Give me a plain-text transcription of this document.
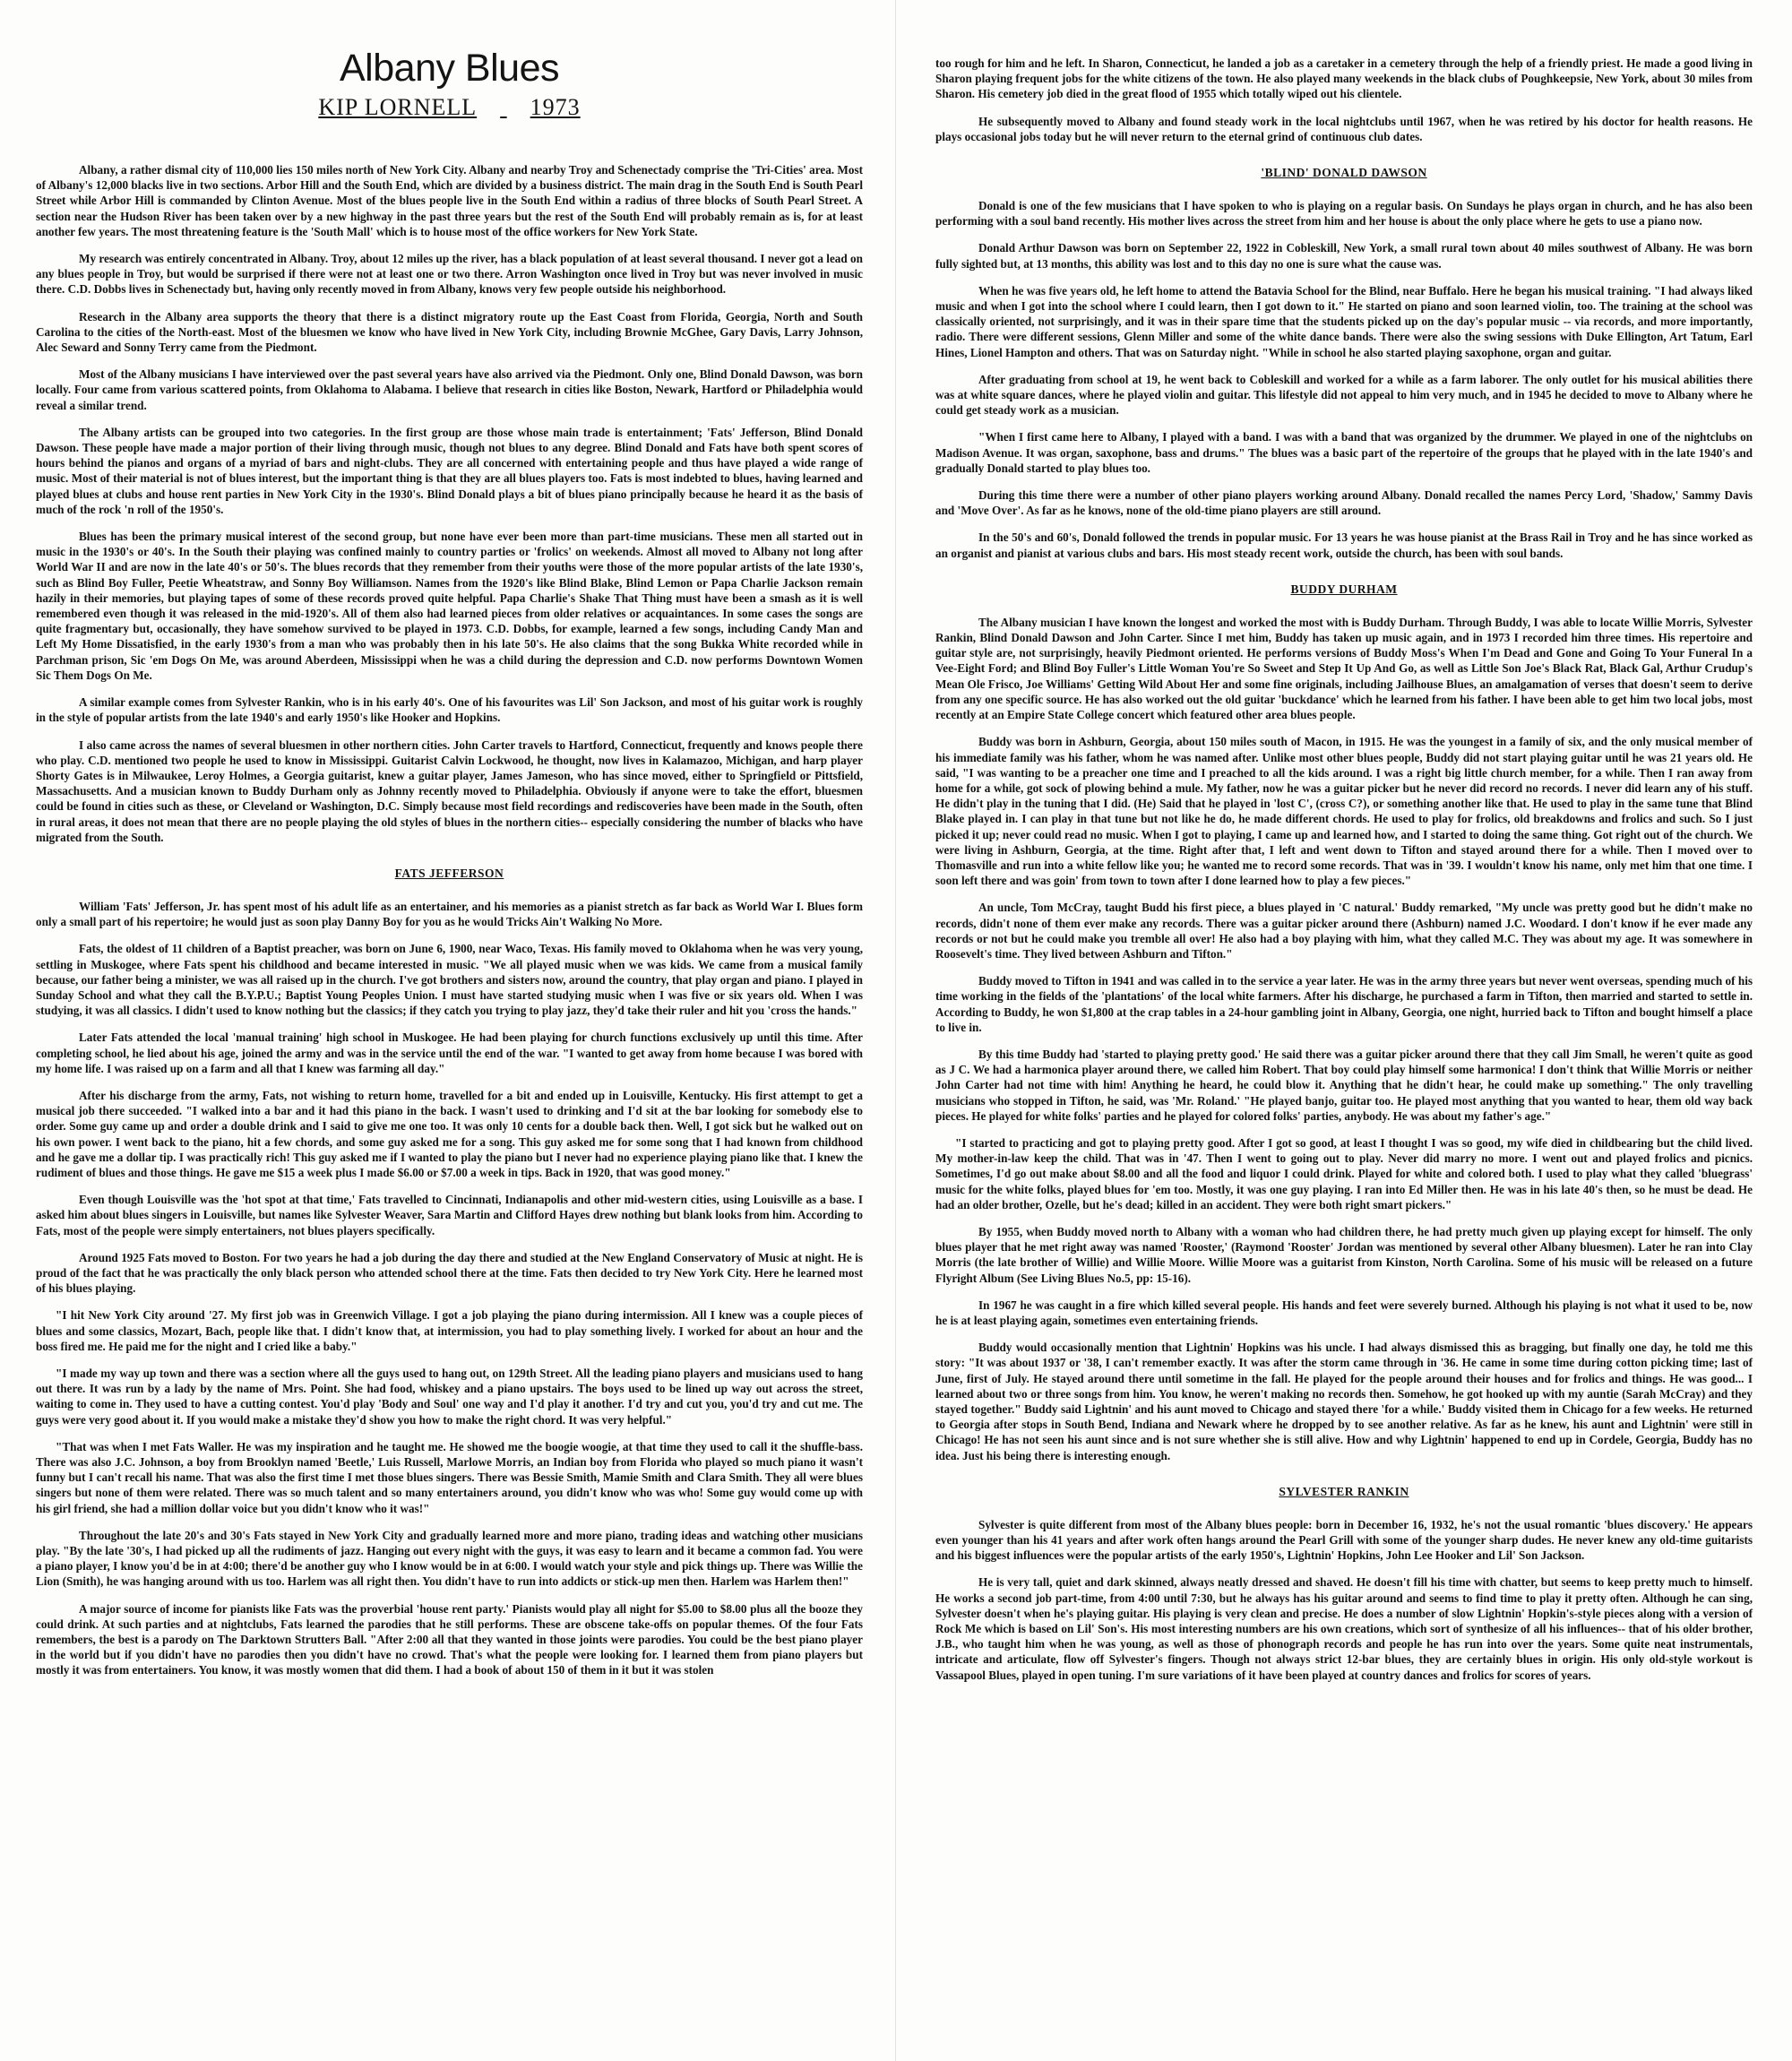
Albany Blues
KIP LORNELL 1973

Albany, a rather dismal city of 110,000 lies 150 miles north of New York City. Albany and nearby Troy and Schenectady comprise the 'Tri-Cities' area. Most of Albany's 12,000 blacks live in two sections. Arbor Hill and the South End, which are divided by a business district. The main drag in the South End is South Pearl Street while Arbor Hill is commanded by Clinton Avenue. Most of the blues people live in the South End within a radius of three blocks of South Pearl Street. A section near the Hudson River has been taken over by a new highway in the past three years but the rest of the South End will probably remain as is, for at least another few years. The most threatening feature is the 'South Mall' which is to house most of the office workers for New York State.

My research was entirely concentrated in Albany. Troy, about 12 miles up the river, has a black population of at least several thousand. I never got a lead on any blues people in Troy, but would be surprised if there were not at least one or two there. Arron Washington once lived in Troy but was never involved in music there. C.D. Dobbs lives in Schenectady but, having only recently moved in from Albany, knows very few people outside his neighborhood.

Research in the Albany area supports the theory that there is a distinct migratory route up the East Coast from Florida, Georgia, North and South Carolina to the cities of the North-east. Most of the bluesmen we know who have lived in New York City, including Brownie McGhee, Gary Davis, Larry Johnson, Alec Seward and Sonny Terry came from the Piedmont.

Most of the Albany musicians I have interviewed over the past several years have also arrived via the Piedmont. Only one, Blind Donald Dawson, was born locally. Four came from various scattered points, from Oklahoma to Alabama. I believe that research in cities like Boston, Newark, Hartford or Philadelphia would reveal a similar trend.

The Albany artists can be grouped into two categories. In the first group are those whose main trade is entertainment; 'Fats' Jefferson, Blind Donald Dawson. These people have made a major portion of their living through music, though not blues to any degree. Blind Donald and Fats have both spent scores of hours behind the pianos and organs of a myriad of bars and night-clubs. They are all concerned with entertaining people and thus have played a wide range of music. Most of their material is not of blues interest, but the important thing is that they are all blues players too. Fats is most indebted to blues, having learned and played blues at clubs and house rent parties in New York City in the 1930's. Blind Donald plays a bit of blues piano principally because he heard it as the basis of much of the rock 'n roll of the 1950's.

Blues has been the primary musical interest of the second group, but none have ever been more than part-time musicians. These men all started out in music in the 1930's or 40's. In the South their playing was confined mainly to country parties or 'frolics' on weekends. Almost all moved to Albany not long after World War II and are now in the late 40's or 50's. The blues records that they remember from their youths were those of the more popular artists of the late 1930's, such as Blind Boy Fuller, Peetie Wheatstraw, and Sonny Boy Williamson. Names from the 1920's like Blind Blake, Blind Lemon or Papa Charlie Jackson remain hazily in their memories, but playing tapes of some of these records proved quite helpful. Papa Charlie's Shake That Thing must have been a smash as it is well remembered even though it was released in the mid-1920's. All of them also had learned pieces from older relatives or acquaintances. In some cases the songs are quite fragmentary but, occasionally, they have somehow survived to be played in 1973. C.D. Dobbs, for example, learned a few songs, including Candy Man and Left My Home Dissatisfied, in the early 1930's from a man who was probably then in his late 50's. He also claims that the song Bukka White recorded while in Parchman prison, Sic 'em Dogs On Me, was around Aberdeen, Mississippi when he was a child during the depression and C.D. now performs Downtown Women Sic Them Dogs On Me.

A similar example comes from Sylvester Rankin, who is in his early 40's. One of his favourites was Lil' Son Jackson, and most of his guitar work is roughly in the style of popular artists from the late 1940's and early 1950's like Hooker and Hopkins.

I also came across the names of several bluesmen in other northern cities. John Carter travels to Hartford, Connecticut, frequently and knows people there who play. C.D. mentioned two people he used to know in Mississippi. Guitarist Calvin Lockwood, he thought, now lives in Kalamazoo, Michigan, and harp player Shorty Gates is in Milwaukee, Leroy Holmes, a Georgia guitarist, knew a guitar player, James Jameson, who has since moved, either to Springfield or Pittsfield, Massachusetts. And a musician known to Buddy Durham only as Johnny recently moved to Philadelphia. Obviously if anyone were to take the effort, bluesmen could be found in cities such as these, or Cleveland or Washington, D.C. Simply because most field recordings and rediscoveries have been made in the South, often in rural areas, it does not mean that there are no people playing the old styles of blues in the northern cities-- especially considering the number of blacks who have migrated from the South.

FATS JEFFERSON

William 'Fats' Jefferson, Jr. has spent most of his adult life as an entertainer, and his memories as a pianist stretch as far back as World War I. Blues form only a small part of his repertoire; he would just as soon play Danny Boy for you as he would Tricks Ain't Walking No More.

Fats, the oldest of 11 children of a Baptist preacher, was born on June 6, 1900, near Waco, Texas. His family moved to Oklahoma when he was very young, settling in Muskogee, where Fats spent his childhood and became interested in music. "We all played music when we was kids. We came from a musical family because, our father being a minister, we was all raised up in the church. I've got brothers and sisters now, around the country, that play organ and piano. I played in Sunday School and what they call the B.Y.P.U.; Baptist Young Peoples Union. I must have started studying music when I was five or six years old. When I was studying, it was all classics. I didn't used to know nothing but the classics; if they catch you trying to play jazz, they'd take their ruler and hit you 'cross the hands."

Later Fats attended the local 'manual training' high school in Muskogee. He had been playing for church functions exclusively up until this time. After completing school, he lied about his age, joined the army and was in the service until the end of the war. "I wanted to get away from home because I was bored with my home life. I was raised up on a farm and all that I knew was farming all day."

After his discharge from the army, Fats, not wishing to return home, travelled for a bit and ended up in Louisville, Kentucky. His first attempt to get a musical job there succeeded. "I walked into a bar and it had this piano in the back. I wasn't used to drinking and I'd sit at the bar looking for somebody else to order. Some guy came up and order a double drink and I said to give me one too. It was only 10 cents for a double back then. Well, I got sick but he walked out on his own power. I went back to the piano, hit a few chords, and some guy asked me for a song. This guy asked me for some song that I had known from childhood and he gave me a dollar tip. I was practically rich! This guy asked me if I wanted to play the piano but I never had no experience playing piano like that. I knew the rudiment of blues and those things. He gave me $15 a week plus I made $6.00 or $7.00 a week in tips. Back in 1920, that was good money."

Even though Louisville was the 'hot spot at that time,' Fats travelled to Cincinnati, Indianapolis and other mid-western cities, using Louisville as a base. I asked him about blues singers in Louisville, but names like Sylvester Weaver, Sara Martin and Clifford Hayes drew nothing but blank looks from him. According to Fats, most of the people were simply entertainers, not blues players specifically.

Around 1925 Fats moved to Boston. For two years he had a job during the day there and studied at the New England Conservatory of Music at night. He is proud of the fact that he was practically the only black person who attended school there at the time. Fats then decided to try New York City. Here he learned most of his blues playing.

"I hit New York City around '27. My first job was in Greenwich Village. I got a job playing the piano during intermission. All I knew was a couple pieces of blues and some classics, Mozart, Bach, people like that. I didn't know that, at intermission, you had to play something lively. I worked for about an hour and the boss fired me. He paid me for the night and I cried like a baby."

"I made my way up town and there was a section where all the guys used to hang out, on 129th Street. All the leading piano players and musicians used to hang out there. It was run by a lady by the name of Mrs. Point. She had food, whiskey and a piano upstairs. The boys used to be lined up way out across the street, waiting to come in. They used to have a cutting contest. You'd play 'Body and Soul' one way and I'd play it another. I'd try and cut you, you'd try and cut me. The guys were very good about it. If you would make a mistake they'd show you how to make the right chord. It was very helpful."

"That was when I met Fats Waller. He was my inspiration and he taught me. He showed me the boogie woogie, at that time they used to call it the shuffle-bass. There was also J.C. Johnson, a boy from Brooklyn named 'Beetle,' Luis Russell, Marlowe Morris, an Indian boy from Florida who played so much piano it wasn't funny but I can't recall his name. That was also the first time I met those blues singers. There was Bessie Smith, Mamie Smith and Clara Smith. They all were blues singers but none of them were related. There was so much talent and so many entertainers around, you didn't know who was who! Some guy would come up with his girl friend, she had a million dollar voice but you didn't know who it was!"

Throughout the late 20's and 30's Fats stayed in New York City and gradually learned more and more piano, trading ideas and watching other musicians play. "By the late '30's, I had picked up all the rudiments of jazz. Hanging out every night with the guys, it was easy to learn and it became a common fad. You were a piano player, I know you'd be in at 4:00; there'd be another guy who I know would be in at 6:00. I would watch your style and pick things up. There was Willie the Lion (Smith), he was hanging around with us too. Harlem was all right then. You didn't have to run into addicts or stick-up men then. Harlem was Harlem then!"

A major source of income for pianists like Fats was the proverbial 'house rent party.' Pianists would play all night for $5.00 to $8.00 plus all the booze they could drink. At such parties and at nightclubs, Fats learned the parodies that he still performs. These are obscene take-offs on popular themes. Of the four Fats remembers, the best is a parody on The Darktown Strutters Ball. "After 2:00 all that they wanted in those joints were parodies. You could be the best piano player in the world but if you didn't have no parodies then you didn't have no crowd. That's what the people were looking for. I learned them from piano players but mostly it was from entertainers. You know, it was mostly women that did them. I had a book of about 150 of them in it but it was stolen

too rough for him and he left. In Sharon, Connecticut, he landed a job as a caretaker in a cemetery through the help of a friendly priest. He made a good living in Sharon playing frequent jobs for the white citizens of the town. He also played many weekends in the black clubs of Poughkeepsie, New York, about 30 miles from Sharon. His cemetery job died in the great flood of 1955 which totally wiped out his clientele.

He subsequently moved to Albany and found steady work in the local nightclubs until 1967, when he was retired by his doctor for health reasons. He plays occasional jobs today but he will never return to the eternal grind of continuous club dates.

'BLIND' DONALD DAWSON

Donald is one of the few musicians that I have spoken to who is playing on a regular basis. On Sundays he plays organ in church, and he has also been performing with a soul band recently. His mother lives across the street from him and her house is about the only place where he gets to use a piano now.

Donald Arthur Dawson was born on September 22, 1922 in Cobleskill, New York, a small rural town about 40 miles southwest of Albany. He was born fully sighted but, at 13 months, this ability was lost and to this day no one is sure what the cause was.

When he was five years old, he left home to attend the Batavia School for the Blind, near Buffalo. Here he began his musical training. "I had always liked music and when I got into the school where I could learn, then I got down to it." He started on piano and soon learned violin, too. The training at the school was classically oriented, not surprisingly, and it was in their spare time that the students picked up on the day's popular music -- via records, and more importantly, radio. There were different sessions, Glenn Miller and some of the white dance bands. There were also the swing sessions with Duke Ellington, Art Tatum, Earl Hines, Lionel Hampton and others. That was on Saturday night. "While in school he also started playing saxophone, organ and guitar.

After graduating from school at 19, he went back to Cobleskill and worked for a while as a farm laborer. The only outlet for his musical abilities there was at white square dances, where he played violin and guitar. This lifestyle did not appeal to him very much, and in 1945 he decided to move to Albany where he could get steady work as a musician.

"When I first came here to Albany, I played with a band. I was with a band that was organized by the drummer. We played in one of the nightclubs on Madison Avenue. It was organ, saxophone, bass and drums." The blues was a basic part of the repertoire of the groups that he played with in the late 1940's and gradually Donald started to play blues too.

During this time there were a number of other piano players working around Albany. Donald recalled the names Percy Lord, 'Shadow,' Sammy Davis and 'Move Over'. As far as he knows, none of the old-time piano players are still around.

In the 50's and 60's, Donald followed the trends in popular music. For 13 years he was house pianist at the Brass Rail in Troy and he has since worked as an organist and pianist at various clubs and bars. His most steady recent work, outside the church, has been with soul bands.

BUDDY DURHAM

The Albany musician I have known the longest and worked the most with is Buddy Durham. Through Buddy, I was able to locate Willie Morris, Sylvester Rankin, Blind Donald Dawson and John Carter. Since I met him, Buddy has taken up music again, and in 1973 I recorded him three times. His repertoire and guitar style are, not surprisingly, heavily Piedmont oriented. He performs versions of Buddy Moss's When I'm Dead and Gone and Going To Your Funeral In a Vee-Eight Ford; and Blind Boy Fuller's Little Woman You're So Sweet and Step It Up And Go, as well as Little Son Joe's Black Rat, Black Gal, Arthur Crudup's Mean Ole Frisco, Joe Williams' Getting Wild About Her and some fine originals, including Jailhouse Blues, an amalgamation of verses that doesn't seem to derive from any one specific source. He has also worked out the old guitar 'buckdance' which he learned from his father. I have been able to get him two local jobs, most recently at an Empire State College concert which featured other area blues people.

Buddy was born in Ashburn, Georgia, about 150 miles south of Macon, in 1915. He was the youngest in a family of six, and the only musical member of his immediate family was his father, whom he was named after. Unlike most other blues people, Buddy did not start playing guitar until he was 21 years old. He said, "I was wanting to be a preacher one time and I preached to all the kids around. I was a right big little church member, for a while. Then I ran away from home for a while, got sock of plowing behind a mule. My father, now he was a guitar picker but he never did record no records. I never did learn any of his stuff. He didn't play in the tuning that I did. (He) Said that he played in 'lost C', (cross C?), or something another like that. He used to play in the same tune that Blind Blake played in. I can play in that tune but not like he do, he made different chords. He used to play for frolics, old breakdowns and frolics and such. So I just picked it up; never could read no music. When I got to playing, I came up and learned how, and I started to doing the same thing. Got right out of the church. We were living in Ashburn, Georgia, at the time. Right after that, I left and went down to Tifton and stayed around there for a while. Then I moved over to Thomasville and run into a white fellow like you; he wanted me to record some records. That was in '39. I wouldn't know his name, only met him that one time. I soon left there and was goin' from town to town after I done learned how to play a few pieces."

An uncle, Tom McCray, taught Budd his first piece, a blues played in 'C natural.' Buddy remarked, "My uncle was pretty good but he didn't make no records, didn't none of them ever make any records. There was a guitar picker around there (Ashburn) named J.C. Woodard. I don't know if he ever made any records or not but he could make you tremble all over! He also had a boy playing with him, what they called M.C. They was about my age. It was somewhere in Roosevelt's time. They lived between Ashburn and Tifton."

Buddy moved to Tifton in 1941 and was called in to the service a year later. He was in the army three years but never went overseas, spending much of his time working in the fields of the 'plantations' of the local white farmers. After his discharge, he purchased a farm in Tifton, then married and started to settle in. According to Buddy, he won $1,800 at the crap tables in a 24-hour gambling joint in Albany, Georgia, one night, hurried back to Tifton and bought himself a place to live in.

By this time Buddy had 'started to playing pretty good.' He said there was a guitar picker around there that they call Jim Small, he weren't quite as good as J C. We had a harmonica player around there, we called him Robert. That boy could play himself some harmonica! I don't think that Willie Morris or neither John Carter had not time with him! Anything he heard, he could blow it. Anything that he didn't hear, he could make up something." The only travelling musicians who stopped in Tifton, he said, was 'Mr. Roland.' "He played banjo, guitar too. He played most anything that you wanted to hear, them old way back pieces. He played for white folks' parties and he played for colored folks' parties, anybody. He was about my father's age."

"I started to practicing and got to playing pretty good. After I got so good, at least I thought I was so good, my wife died in childbearing but the child lived. My mother-in-law keep the child. That was in '47. Then I went to going out to play. Never did marry no more. I went out and played frolics and picnics. Sometimes, I'd go out make about $8.00 and all the food and liquor I could drink. Played for white and colored both. I used to play what they called 'bluegrass' music for the white folks, played blues for 'em too. Mostly, it was one guy playing. I ran into Ed Miller then. He was in his late 40's then, so he must be dead. He had an older brother, Ozelle, but he's dead; killed in an accident. They were both right smart pickers."

By 1955, when Buddy moved north to Albany with a woman who had children there, he had pretty much given up playing except for himself. The only blues player that he met right away was named 'Rooster,' (Raymond 'Rooster' Jordan was mentioned by several other Albany bluesmen). Later he ran into Clay Morris (the late brother of Willie) and Willie Moore. Willie Moore was a guitarist from Kinston, North Carolina. Some of his music will be released on a future Flyright Album (See Living Blues No.5, pp: 15-16).

In 1967 he was caught in a fire which killed several people. His hands and feet were severely burned. Although his playing is not what it used to be, now he is at least playing again, sometimes even entertaining friends.

Buddy would occasionally mention that Lightnin' Hopkins was his uncle. I had always dismissed this as bragging, but finally one day, he told me this story: "It was about 1937 or '38, I can't remember exactly. It was after the storm came through in '36. He came in some time during cotton picking time; last of June, first of July. He stayed around there until sometime in the fall. He played for the people around their houses and for frolics and things. He was good... I learned about two or three songs from him. You know, he weren't making no records then. Somehow, he got hooked up with my auntie (Sarah McCray) and they stayed together." Buddy said Lightnin' and his aunt moved to Chicago and stayed there 'for a while.' Buddy visited them in Chicago for a few weeks. He returned to Georgia after stops in South Bend, Indiana and Newark where he dropped by to see another relative. As far as he knew, his aunt and Lightnin' were still in Chicago! He has not seen his aunt since and is not sure whether she is still alive. How and why Lightnin' happened to end up in Cordele, Georgia, Buddy has no idea. Just his being there is interesting enough.

SYLVESTER RANKIN

Sylvester is quite different from most of the Albany blues people: born in December 16, 1932, he's not the usual romantic 'blues discovery.' He appears even younger than his 41 years and after work often hangs around the Pearl Grill with some of the younger sharp dudes. He never knew any old-time guitarists and his biggest influences were the popular artists of the early 1950's, Lightnin' Hopkins, John Lee Hooker and Lil' Son Jackson.

He is very tall, quiet and dark skinned, always neatly dressed and shaved. He doesn't fill his time with chatter, but seems to keep pretty much to himself. He works a second job part-time, from 4:00 until 7:30, but he always has his guitar around and seems to find time to play it pretty often. Although he can sing, Sylvester doesn't when he's playing guitar. His playing is very clean and precise. He does a number of slow Lightnin' Hopkin's-style pieces along with a version of Rock Me which is based on Lil' Son's. His most interesting numbers are his own creations, which sort of synthesize of all his influences-- that of his older brother, J.B., who taught him when he was young, as well as those of phonograph records and people he has run into over the years. Some quite neat instrumentals, intricate and articulate, flow off Sylvester's fingers. Though not always strict 12-bar blues, they are certainly blues in origin. His only old-style workout is Vassapool Blues, played in open tuning. I'm sure variations of it have been played at country dances and frolics for scores of years.
